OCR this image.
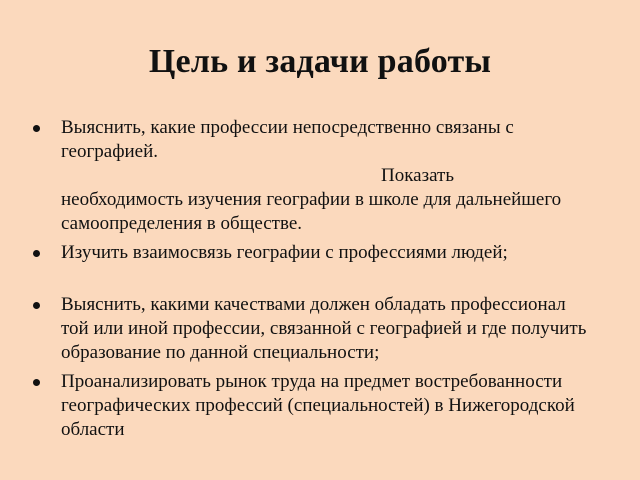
Цель и задачи работы
Выяснить, какие профессии непосредственно связаны с географией.
Показать
необходимость изучения географии в школе для дальнейшего самоопределения в обществе.
Изучить взаимосвязь географии с профессиями людей;
Выяснить, какими качествами должен обладать профессионал той или иной профессии, связанной с географией и где получить образование по данной специальности;
Проанализировать рынок труда на предмет востребованности географических профессий (специальностей) в Нижегородской области
